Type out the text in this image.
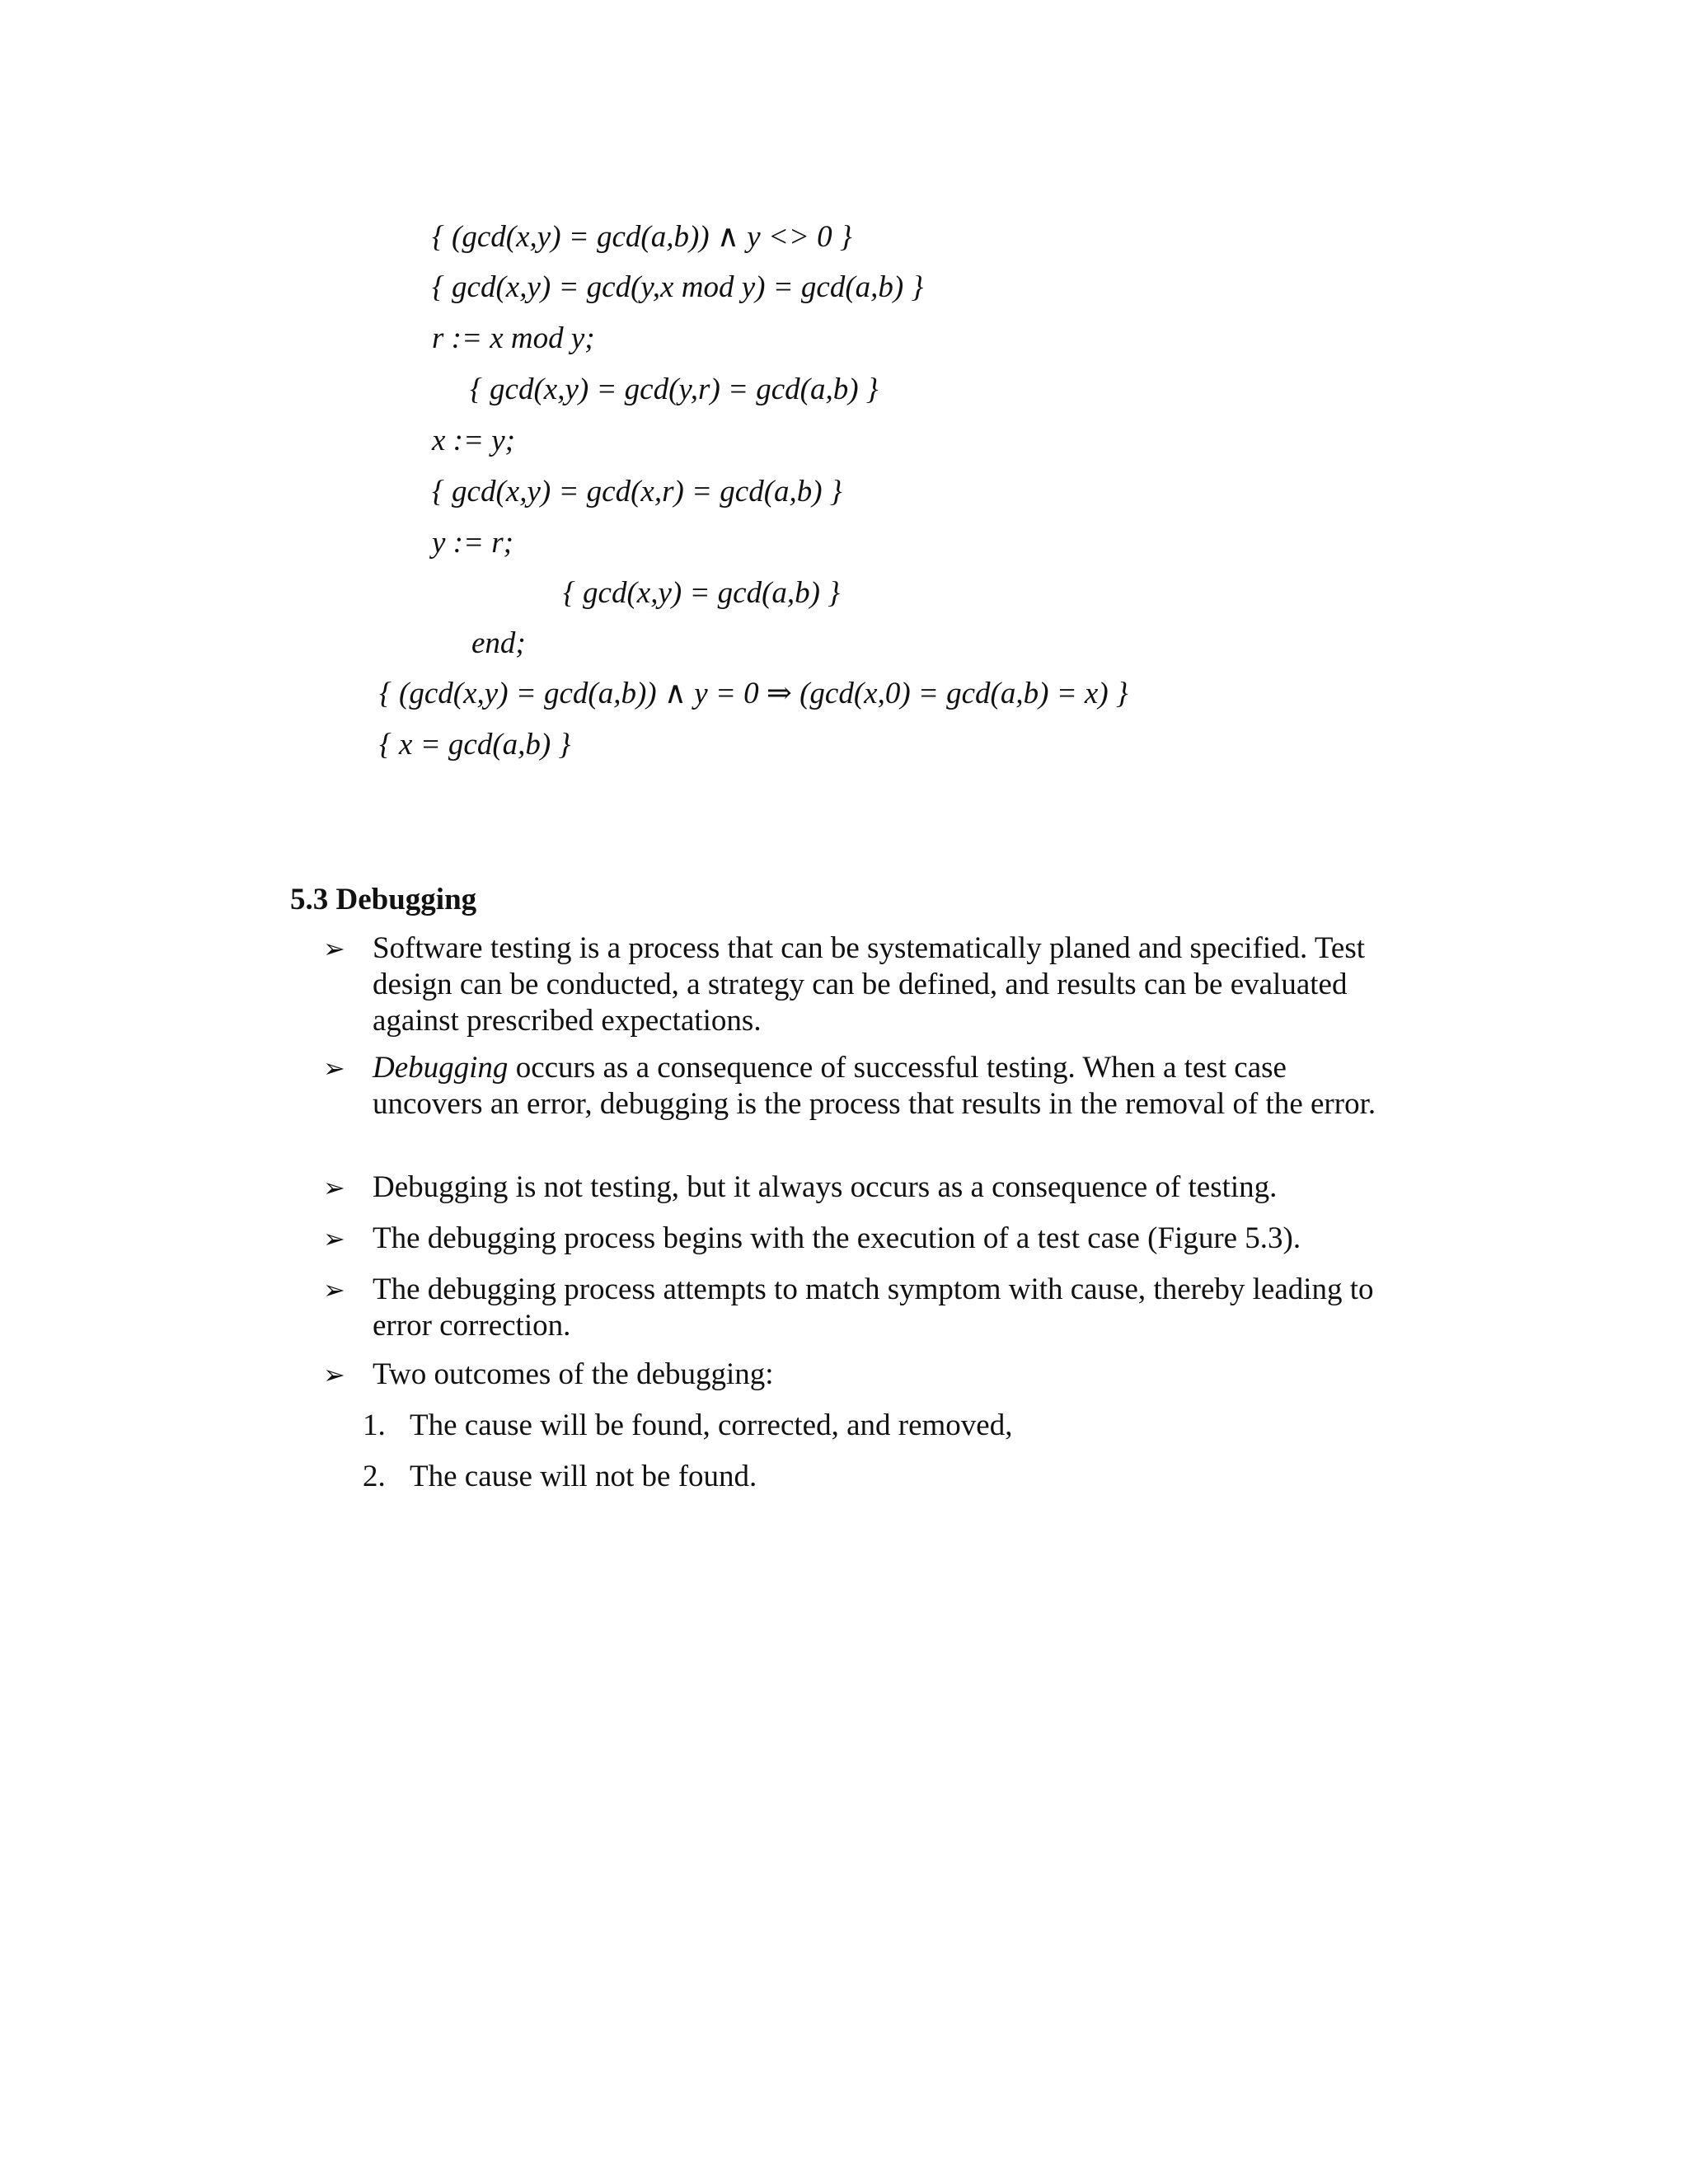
{ (gcd(x,y) = gcd(a,b)) ∧ y <> 0 }
{ gcd(x,y) = gcd(y,x mod y) = gcd(a,b) }
r := x mod y;
{ gcd(x,y) = gcd(y,r) = gcd(a,b) }
x := y;
{ gcd(x,y) = gcd(x,r) = gcd(a,b) }
y := r;
{ gcd(x,y) = gcd(a,b) }
end;
{ (gcd(x,y) = gcd(a,b)) ∧ y = 0 ⇒ (gcd(x,0) = gcd(a,b) = x) }
{ x = gcd(a,b) }
5.3 Debugging
➢ Software testing is a process that can be systematically planed and specified. Test design can be conducted, a strategy can be defined, and results can be evaluated against prescribed expectations.
➢ Debugging occurs as a consequence of successful testing. When a test case uncovers an error, debugging is the process that results in the removal of the error.
➢ Debugging is not testing, but it always occurs as a consequence of testing.
➢ The debugging process begins with the execution of a test case (Figure 5.3).
➢ The debugging process attempts to match symptom with cause, thereby leading to error correction.
➢ Two outcomes of the debugging:
1. The cause will be found, corrected, and removed,
2. The cause will not be found.
